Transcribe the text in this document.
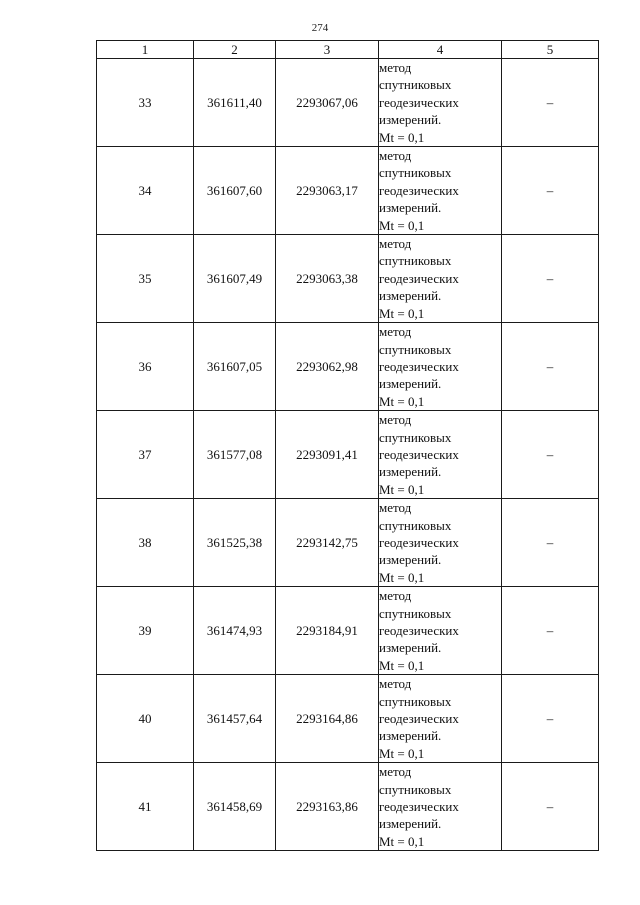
274
1	2	3	4	5
33	361611,40	2293067,06	метод
спутниковых
геодезических
измерений.
Mt = 0,1	–
34	361607,60	2293063,17	метод
спутниковых
геодезических
измерений.
Mt = 0,1	–
35	361607,49	2293063,38	метод
спутниковых
геодезических
измерений.
Mt = 0,1	–
36	361607,05	2293062,98	метод
спутниковых
геодезических
измерений.
Mt = 0,1	–
37	361577,08	2293091,41	метод
спутниковых
геодезических
измерений.
Mt = 0,1	–
38	361525,38	2293142,75	метод
спутниковых
геодезических
измерений.
Mt = 0,1	–
39	361474,93	2293184,91	метод
спутниковых
геодезических
измерений.
Mt = 0,1	–
40	361457,64	2293164,86	метод
спутниковых
геодезических
измерений.
Mt = 0,1	–
41	361458,69	2293163,86	метод
спутниковых
геодезических
измерений.
Mt = 0,1	–
